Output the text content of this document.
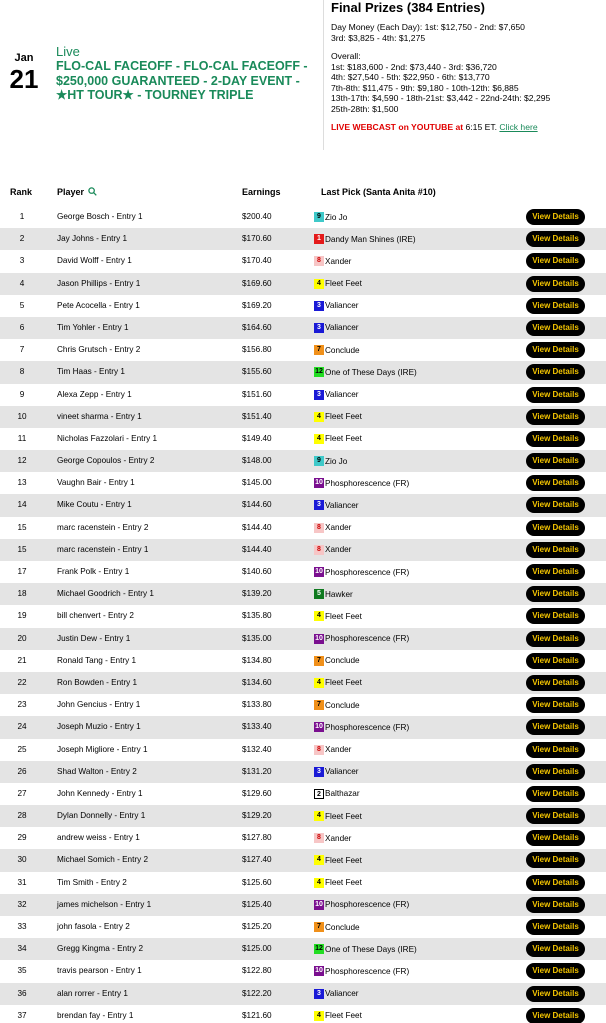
Jan
21
Live
FLO-CAL FACEOFF - FLO-CAL FACEOFF - $250,000 GUARANTEED - 2-DAY EVENT - ★HT TOUR★ - TOURNEY TRIPLE
Final Prizes (384 Entries)
Day Money (Each Day): 1st: $12,750 - 2nd: $7,650
3rd: $3,825 - 4th: $1,275
Overall:
1st: $183,600 - 2nd: $73,440 - 3rd: $36,720
4th: $27,540 - 5th: $22,950 - 6th: $13,770
7th-8th: $11,475 - 9th: $9,180 - 10th-12th: $6,885
13th-17th: $4,590 - 18th-21st: $3,442 - 22nd-24th: $2,295
25th-28th: $1,500
LIVE WEBCAST on YOUTUBE at 6:15 ET. Click here
Rank	Player	Earnings	Last Pick (Santa Anita #10)
1	George Bosch - Entry 1	$200.40	9 Zio Jo	View Details
2	Jay Johns - Entry 1	$170.60	1 Dandy Man Shines (IRE)	View Details
3	David Wolff - Entry 1	$170.40	8 Xander	View Details
4	Jason Phillips - Entry 1	$169.60	4 Fleet Feet	View Details
5	Pete Acocella - Entry 1	$169.20	3 Valiancer	View Details
6	Tim Yohler - Entry 1	$164.60	3 Valiancer	View Details
7	Chris Grutsch - Entry 2	$156.80	7 Conclude	View Details
8	Tim Haas - Entry 1	$155.60	12 One of These Days (IRE)	View Details
9	Alexa Zepp - Entry 1	$151.60	3 Valiancer	View Details
10	vineet sharma - Entry 1	$151.40	4 Fleet Feet	View Details
11	Nicholas Fazzolari - Entry 1	$149.40	4 Fleet Feet	View Details
12	George Copoulos - Entry 2	$148.00	9 Zio Jo	View Details
13	Vaughn Bair - Entry 1	$145.00	10 Phosphorescence (FR)	View Details
14	Mike Coutu - Entry 1	$144.60	3 Valiancer	View Details
15	marc racenstein - Entry 2	$144.40	8 Xander	View Details
15	marc racenstein - Entry 1	$144.40	8 Xander	View Details
17	Frank Polk - Entry 1	$140.60	10 Phosphorescence (FR)	View Details
18	Michael Goodrich - Entry 1	$139.20	5 Hawker	View Details
19	bill chenvert - Entry 2	$135.80	4 Fleet Feet	View Details
20	Justin Dew - Entry 1	$135.00	10 Phosphorescence (FR)	View Details
21	Ronald Tang - Entry 1	$134.80	7 Conclude	View Details
22	Ron Bowden - Entry 1	$134.60	4 Fleet Feet	View Details
23	John Gencius - Entry 1	$133.80	7 Conclude	View Details
24	Joseph Muzio - Entry 1	$133.40	10 Phosphorescence (FR)	View Details
25	Joseph Migliore - Entry 1	$132.40	8 Xander	View Details
26	Shad Walton - Entry 2	$131.20	3 Valiancer	View Details
27	John Kennedy - Entry 1	$129.60	2 Balthazar	View Details
28	Dylan Donnelly - Entry 1	$129.20	4 Fleet Feet	View Details
29	andrew weiss - Entry 1	$127.80	8 Xander	View Details
30	Michael Somich - Entry 2	$127.40	4 Fleet Feet	View Details
31	Tim Smith - Entry 2	$125.60	4 Fleet Feet	View Details
32	james michelson - Entry 1	$125.40	10 Phosphorescence (FR)	View Details
33	john fasola - Entry 2	$125.20	7 Conclude	View Details
34	Gregg Kingma - Entry 2	$125.00	12 One of These Days (IRE)	View Details
35	travis pearson - Entry 1	$122.80	10 Phosphorescence (FR)	View Details
36	alan rorrer - Entry 1	$122.20	3 Valiancer	View Details
37	brendan fay - Entry 1	$121.60	4 Fleet Feet	View Details
